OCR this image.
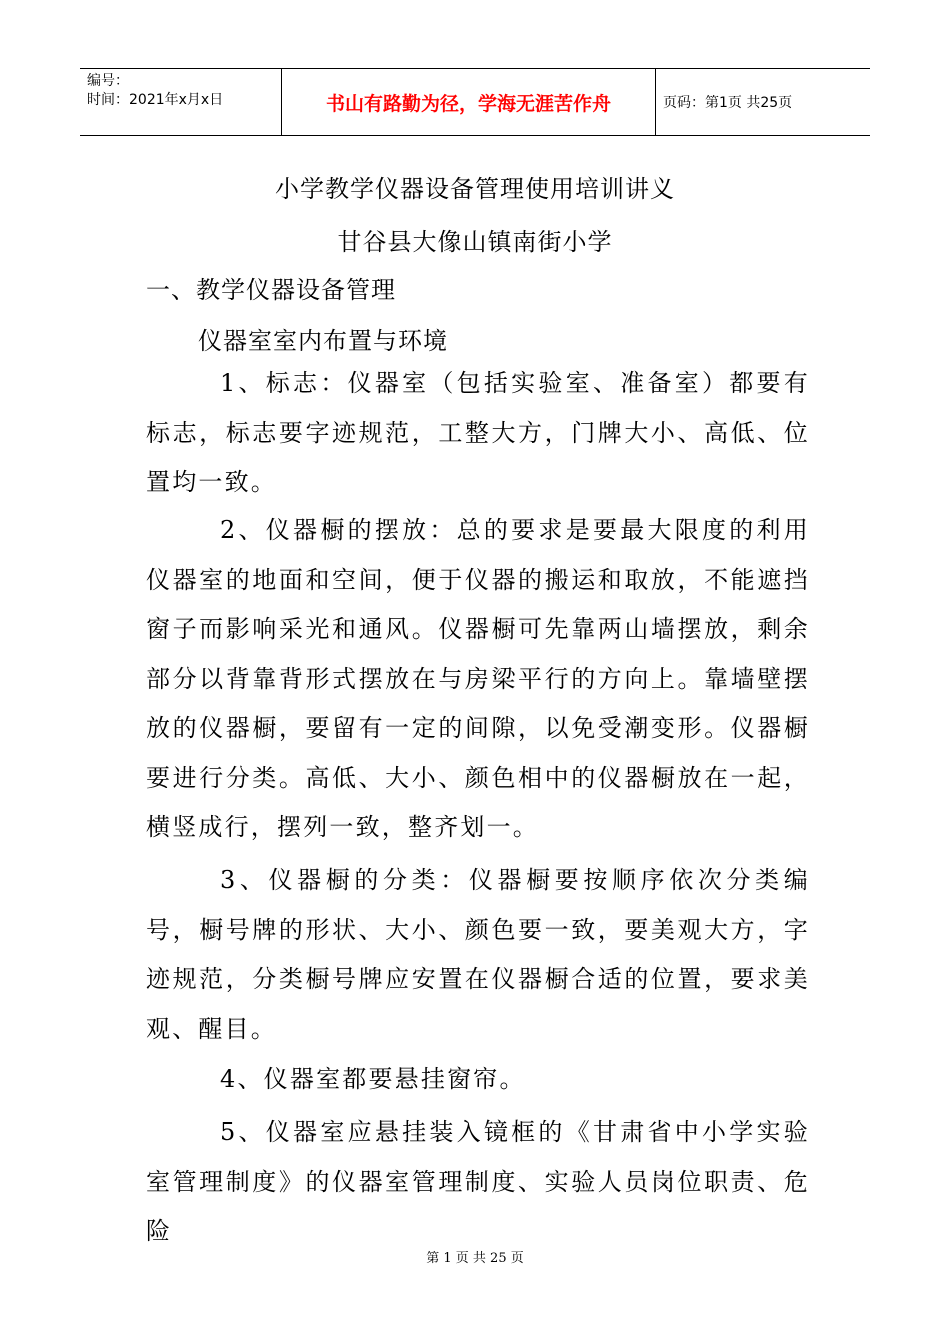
编号：
时间：2021年x月x日	书山有路勤为径，学海无涯苦作舟	页码：第1页 共25页
小学教学仪器设备管理使用培训讲义
甘谷县大像山镇南街小学
一、教学仪器设备管理
仪器室室内布置与环境

1、标志：仪器室（包括实验室、准备室）都要有标志，标志要字迹规范，工整大方，门牌大小、高低、位置均一致。

2、仪器橱的摆放：总的要求是要最大限度的利用仪器室的地面和空间，便于仪器的搬运和取放，不能遮挡窗子而影响采光和通风。仪器橱可先靠两山墙摆放，剩余部分以背靠背形式摆放在与房梁平行的方向上。靠墙壁摆放的仪器橱，要留有一定的间隙，以免受潮变形。仪器橱要进行分类。高低、大小、颜色相中的仪器橱放在一起，横竖成行，摆列一致，整齐划一。

3、仪器橱的分类：仪器橱要按顺序依次分类编号，橱号牌的形状、大小、颜色要一致，要美观大方，字迹规范，分类橱号牌应安置在仪器橱合适的位置，要求美观、醒目。

4、仪器室都要悬挂窗帘。

5、仪器室应悬挂装入镜框的《甘肃省中小学实验室管理制度》的仪器室管理制度、实验人员岗位职责、危险

第 1 页 共 25 页
